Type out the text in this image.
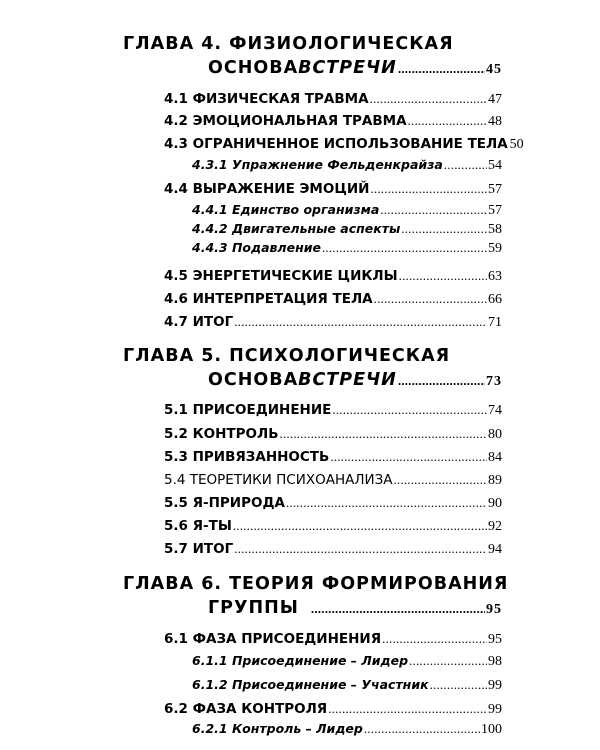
ГЛАВА 4. ФИЗИОЛОГИЧЕСКАЯ
ОСНОВА ВСТРЕЧИ .....	45
4.1 ФИЗИЧЕСКАЯ ТРАВМА .....	47
4.2 ЭМОЦИОНАЛЬНАЯ ТРАВМА .....	48
4.3 ОГРАНИЧЕННОЕ ИСПОЛЬЗОВАНИЕ ТЕЛА 50
4.3.1 Упражнение Фельденкрайза .....	54
4.4 ВЫРАЖЕНИЕ ЭМОЦИЙ .....	57
4.4.1 Единство организма .....	57
4.4.2 Двигательные аспекты .....	58
4.4.3 Подавление .....	59
4.5 ЭНЕРГЕТИЧЕСКИЕ ЦИКЛЫ .....	63
4.6 ИНТЕРПРЕТАЦИЯ ТЕЛА .....	66
4.7 ИТОГ .....	71
ГЛАВА 5. ПСИХОЛОГИЧЕСКАЯ
ОСНОВА ВСТРЕЧИ .....	73
5.1 ПРИСОЕДИНЕНИЕ .....	74
5.2 КОНТРОЛЬ .....	80
5.3 ПРИВЯЗАННОСТЬ .....	84
5.4 ТЕОРЕТИКИ ПСИХОАНАЛИЗА .....	89
5.5 Я-ПРИРОДА .....	90
5.6 Я-ТЫ .....	92
5.7 ИТОГ .....	94
ГЛАВА 6. ТЕОРИЯ ФОРМИРОВАНИЯ
ГРУППЫ .....	95
6.1 ФАЗА ПРИСОЕДИНЕНИЯ .....	95
6.1.1 Присоединение – Лидер .....	98
6.1.2 Присоединение – Участник .....	99
6.2 ФАЗА КОНТРОЛЯ .....	99
6.2.1 Контроль – Лидер .....	100
